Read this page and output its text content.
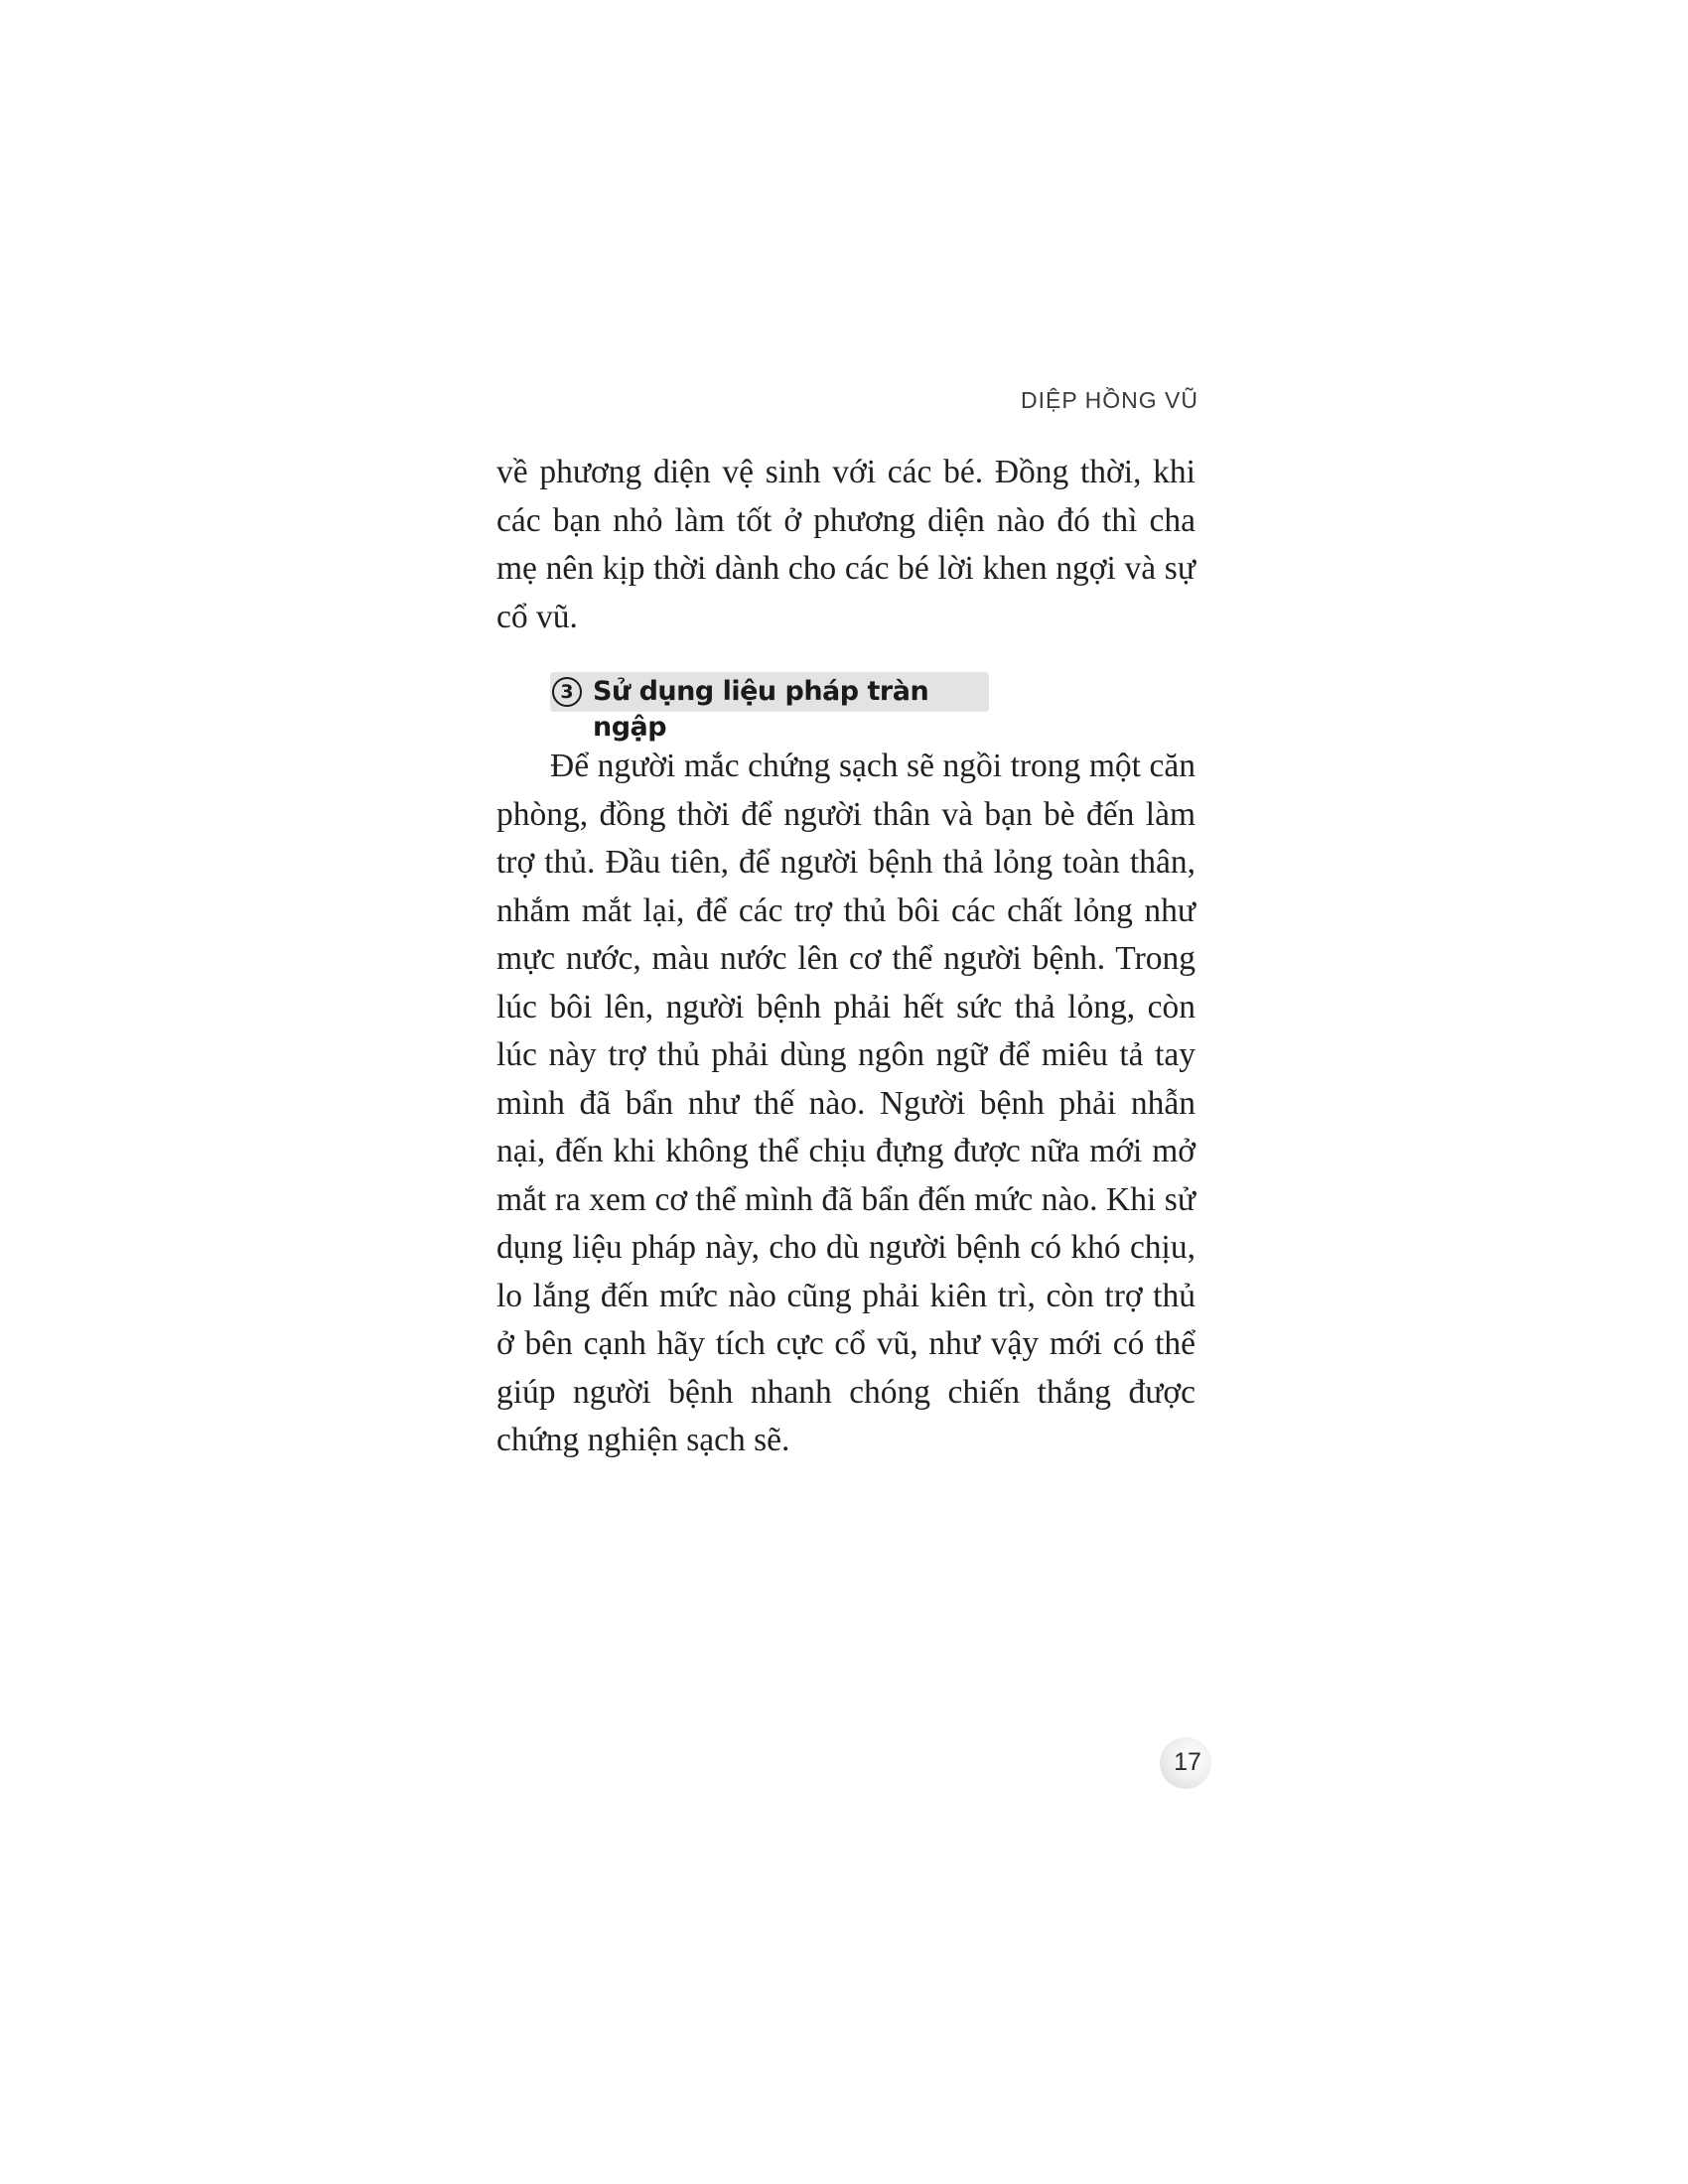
DIỆP HỒNG VŨ

về phương diện vệ sinh với các bé. Đồng thời, khi các bạn nhỏ làm tốt ở phương diện nào đó thì cha mẹ nên kịp thời dành cho các bé lời khen ngợi và sự cổ vũ.

3 Sử dụng liệu pháp tràn ngập

Để người mắc chứng sạch sẽ ngồi trong một căn phòng, đồng thời để người thân và bạn bè đến làm trợ thủ. Đầu tiên, để người bệnh thả lỏng toàn thân, nhắm mắt lại, để các trợ thủ bôi các chất lỏng như mực nước, màu nước lên cơ thể người bệnh. Trong lúc bôi lên, người bệnh phải hết sức thả lỏng, còn lúc này trợ thủ phải dùng ngôn ngữ để miêu tả tay mình đã bẩn như thế nào. Người bệnh phải nhẫn nại, đến khi không thể chịu đựng được nữa mới mở mắt ra xem cơ thể mình đã bẩn đến mức nào. Khi sử dụng liệu pháp này, cho dù người bệnh có khó chịu, lo lắng đến mức nào cũng phải kiên trì, còn trợ thủ ở bên cạnh hãy tích cực cổ vũ, như vậy mới có thể giúp người bệnh nhanh chóng chiến thắng được chứng nghiện sạch sẽ.

17
